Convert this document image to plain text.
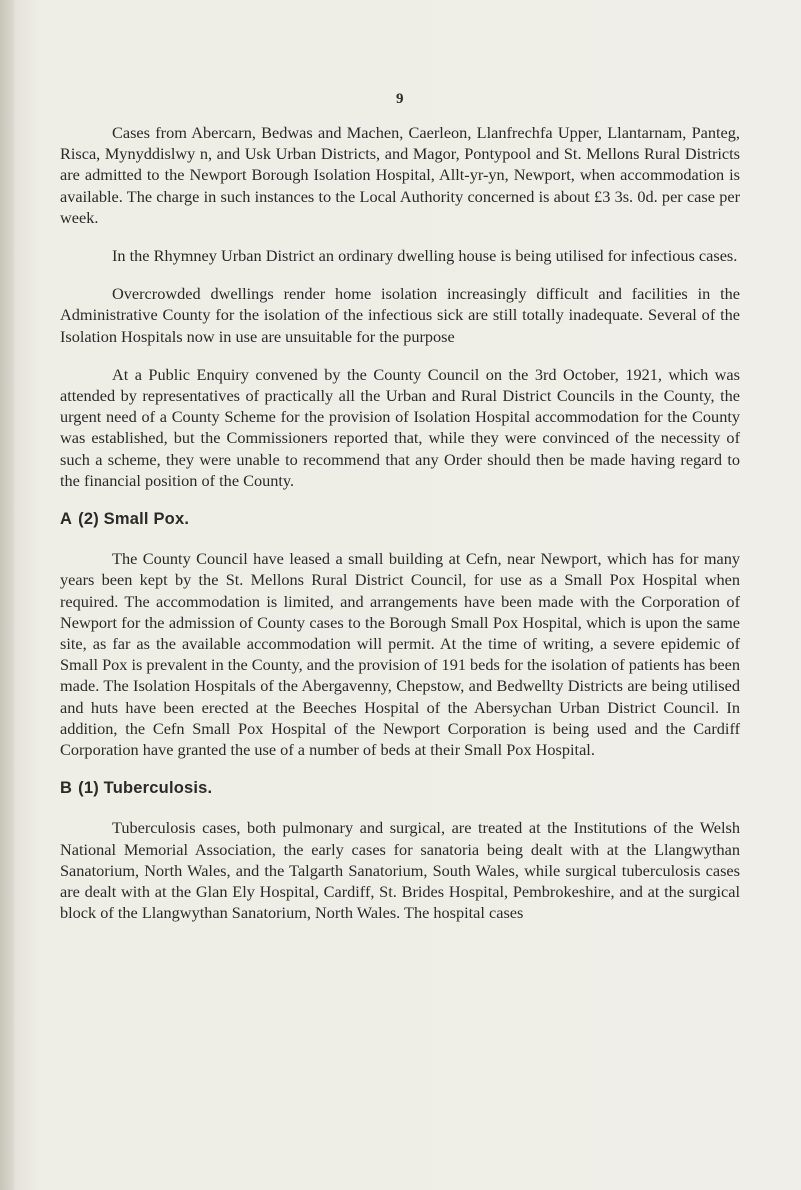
9

Cases from Abercarn, Bedwas and Machen, Caerleon, Llanfrechfa Upper, Llantarnam, Panteg, Risca, Mynyddislwy n, and Usk Urban Districts, and Magor, Pontypool and St. Mellons Rural Districts are admitted to the Newport Borough Isolation Hospital, Allt-yr-yn, Newport, when accommodation is available. The charge in such instances to the Local Authority concerned is about £3 3s. 0d. per case per week.

In the Rhymney Urban District an ordinary dwelling house is being utilised for infectious cases.

Overcrowded dwellings render home isolation increasingly difficult and facilities in the Administrative County for the isolation of the infectious sick are still totally inadequate. Several of the Isolation Hospitals now in use are unsuitable for the purpose

At a Public Enquiry convened by the County Council on the 3rd October, 1921, which was attended by representatives of practically all the Urban and Rural District Councils in the County, the urgent need of a County Scheme for the provision of Isolation Hospital accommodation for the County was established, but the Commissioners reported that, while they were convinced of the necessity of such a scheme, they were unable to recommend that any Order should then be made having regard to the financial position of the County.

A (2) Small Pox.

The County Council have leased a small building at Cefn, near Newport, which has for many years been kept by the St. Mellons Rural District Council, for use as a Small Pox Hospital when required. The accommodation is limited, and arrangements have been made with the Corporation of Newport for the admission of County cases to the Borough Small Pox Hospital, which is upon the same site, as far as the available accommodation will permit. At the time of writing, a severe epidemic of Small Pox is prevalent in the County, and the provision of 191 beds for the isolation of patients has been made. The Isolation Hospitals of the Abergavenny, Chepstow, and Bedwellty Districts are being utilised and huts have been erected at the Beeches Hospital of the Abersychan Urban District Council. In addition, the Cefn Small Pox Hospital of the Newport Corporation is being used and the Cardiff Corporation have granted the use of a number of beds at their Small Pox Hospital.

B (1) Tuberculosis.

Tuberculosis cases, both pulmonary and surgical, are treated at the Institutions of the Welsh National Memorial Association, the early cases for sanatoria being dealt with at the Llangwythan Sanatorium, North Wales, and the Talgarth Sanatorium, South Wales, while surgical tuberculosis cases are dealt with at the Glan Ely Hospital, Cardiff, St. Brides Hospital, Pembrokeshire, and at the surgical block of the Llangwythan Sanatorium, North Wales. The hospital cases
